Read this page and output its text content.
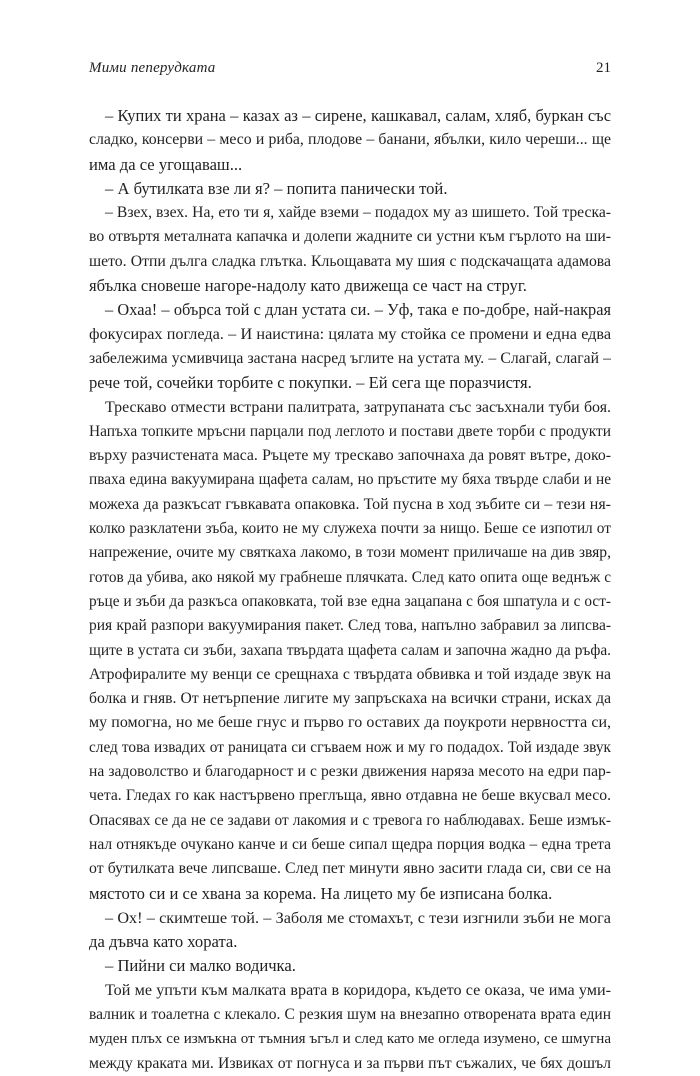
Мими пеперудката	21
– Купих ти храна – казах аз – сирене, кашкавал, салам, хляб, буркан със
сладко, консерви – месо и риба, плодове – банани, ябълки, кило череши... ще
има да се угощаваш...
– А бутилката взе ли я? – попита панически той.
– Взех, взех. На, ето ти я, хайде вземи – подадох му аз шишето. Той треска-
во отвъртя металната капачка и долепи жадните си устни към гърлото на ши-
шето. Отпи дълга сладка глътка. Кльощавата му шия с подскачащата адамова
ябълка сновеше нагоре-надолу като движеща се част на струг.
– Охаа! – обърса той с длан устата си. – Уф, така е по-добре, най-накрая
фокусирах погледа. – И наистина: цялата му стойка се промени и една едва
забележима усмивчица застана насред ъглите на устата му. – Слагай, слагай –
рече той, сочейки торбите с покупки. – Ей сега ще поразчистя.
Трескаво отмести встрани палитрата, затрупаната със засъхнали туби боя.
Напъха топките мръсни парцали под леглото и постави двете торби с продукти
върху разчистената маса. Ръцете му трескаво започнаха да ровят вътре, доко-
пваха едина вакуумирана щафета салам, но пръстите му бяха твърде слаби и не
можеха да разкъсат гъвкавата опаковка. Той пусна в ход зъбите си – тези ня-
колко разклатени зъба, които не му служеха почти за нищо. Беше се изпотил от
напрежение, очите му святкаха лакомо, в този момент приличаше на див звяр,
готов да убива, ако някой му грабнеше плячката. След като опита още веднъж с
ръце и зъби да разкъса опаковката, той взе една зацапана с боя шпатула и с ост-
рия край разпори вакуумирания пакет. След това, напълно забравил за липсва-
щите в устата си зъби, захапа твърдата щафета салам и започна жадно да ръфа.
Атрофиралите му венци се срещнаха с твърдата обвивка и той издаде звук на
болка и гняв. От нетърпение лигите му запръскаха на всички страни, исках да
му помогна, но ме беше гнус и първо го оставих да поукроти нервността си,
след това извадих от раницата си сгъваем нож и му го подадох. Той издаде звук
на задоволство и благодарност и с резки движения наряза месото на едри пар-
чета. Гледах го как настървено преглъща, явно отдавна не беше вкусвал месо.
Опасявах се да не се задави от лакомия и с тревога го наблюдавах. Беше измък-
нал отнякъде очукано канче и си беше сипал щедра порция водка – една трета
от бутилката вече липсваше. След пет минути явно засити глада си, сви се на
мястото си и се хвана за корема. На лицето му бе изписана болка.
– Ох! – скимтеше той. – Заболя ме стомахът, с тези изгнили зъби не мога
да дъвча като хората.
– Пийни си малко водичка.
Той ме упъти към малката врата в коридора, където се оказа, че има уми-
валник и тоалетна с клекало. С резкия шум на внезапно отворената врата един
муден плъх се измъкна от тъмния ъгъл и след като ме огледа изумено, се шмугна
между краката ми. Извиках от погнуса и за първи път съжалих, че бях дошъл
